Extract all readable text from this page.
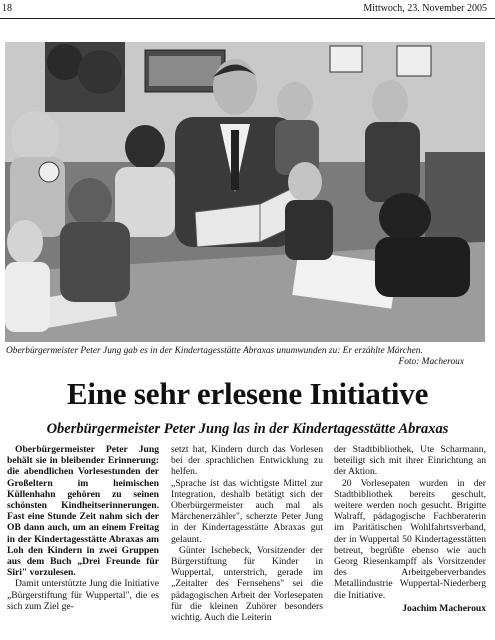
18	Mittwoch, 23. November 2005
Oberbürgermeister Peter Jung gab es in der Kindertagesstätte Abraxas unumwunden zu: Er erzählte Märchen.
Foto: Macheroux
Eine sehr erlesene Initiative
Oberbürgermeister Peter Jung las in der Kindertagesstätte Abraxas

Oberbürgermeister Peter Jung behält sie in bleibender Erinnerung: die abendlichen Vorlesestunden der Großeltern im heimischen Küllenhahn gehören zu seinen schönsten Kindheitserinnerungen. Fast eine Stunde Zeit nahm sich der OB dann auch, um an einem Freitag in der Kindertagesstätte Abraxas am Loh den Kindern in zwei Gruppen aus dem Buch „Drei Freunde für Siri" vorzulesen.

Damit unterstützte Jung die Initiative „Bürgerstiftung für Wuppertal", die es sich zum Ziel ge-

setzt hat, Kindern durch das Vorlesen bei der sprachlichen Entwicklung zu helfen.

„Sprache ist das wichtigste Mittel zur Integration, deshalb betätigt sich der Oberbürgermeister auch mal als Märchenerzähler", scherzte Peter Jung in der Kindertagesstätte Abraxas gut gelaunt.

Günter Ischebeck, Vorsitzender der Bürgerstiftung für Kinder in Wuppertal, unterstrich, gerade im „Zeitalter des Fernsehens" sei die pädagogischen Arbeit der Vorlesepaten für die kleinen Zuhörer besonders wichtig. Auch die Leiterin

der Stadtbibliothek, Ute Scharmann, beteiligt sich mit ihrer Einrichtung an der Aktion.

20 Vorlesepaten wurden in der Stadtbibliothek bereits geschult, weitere werden noch gesucht. Brigitte Walraff, pädagogische Fachberaterin im Paritätischen Wohlfahrtsverband, der in Wuppertal 50 Kindertagesstätten betreut, begrüßte ebenso wie auch Georg Riesenkampff als Vorsitzender des Arbeitgeberverbandes Metallindustrie Wuppertal-Niederberg die Initiative.

Joachim Macheroux
